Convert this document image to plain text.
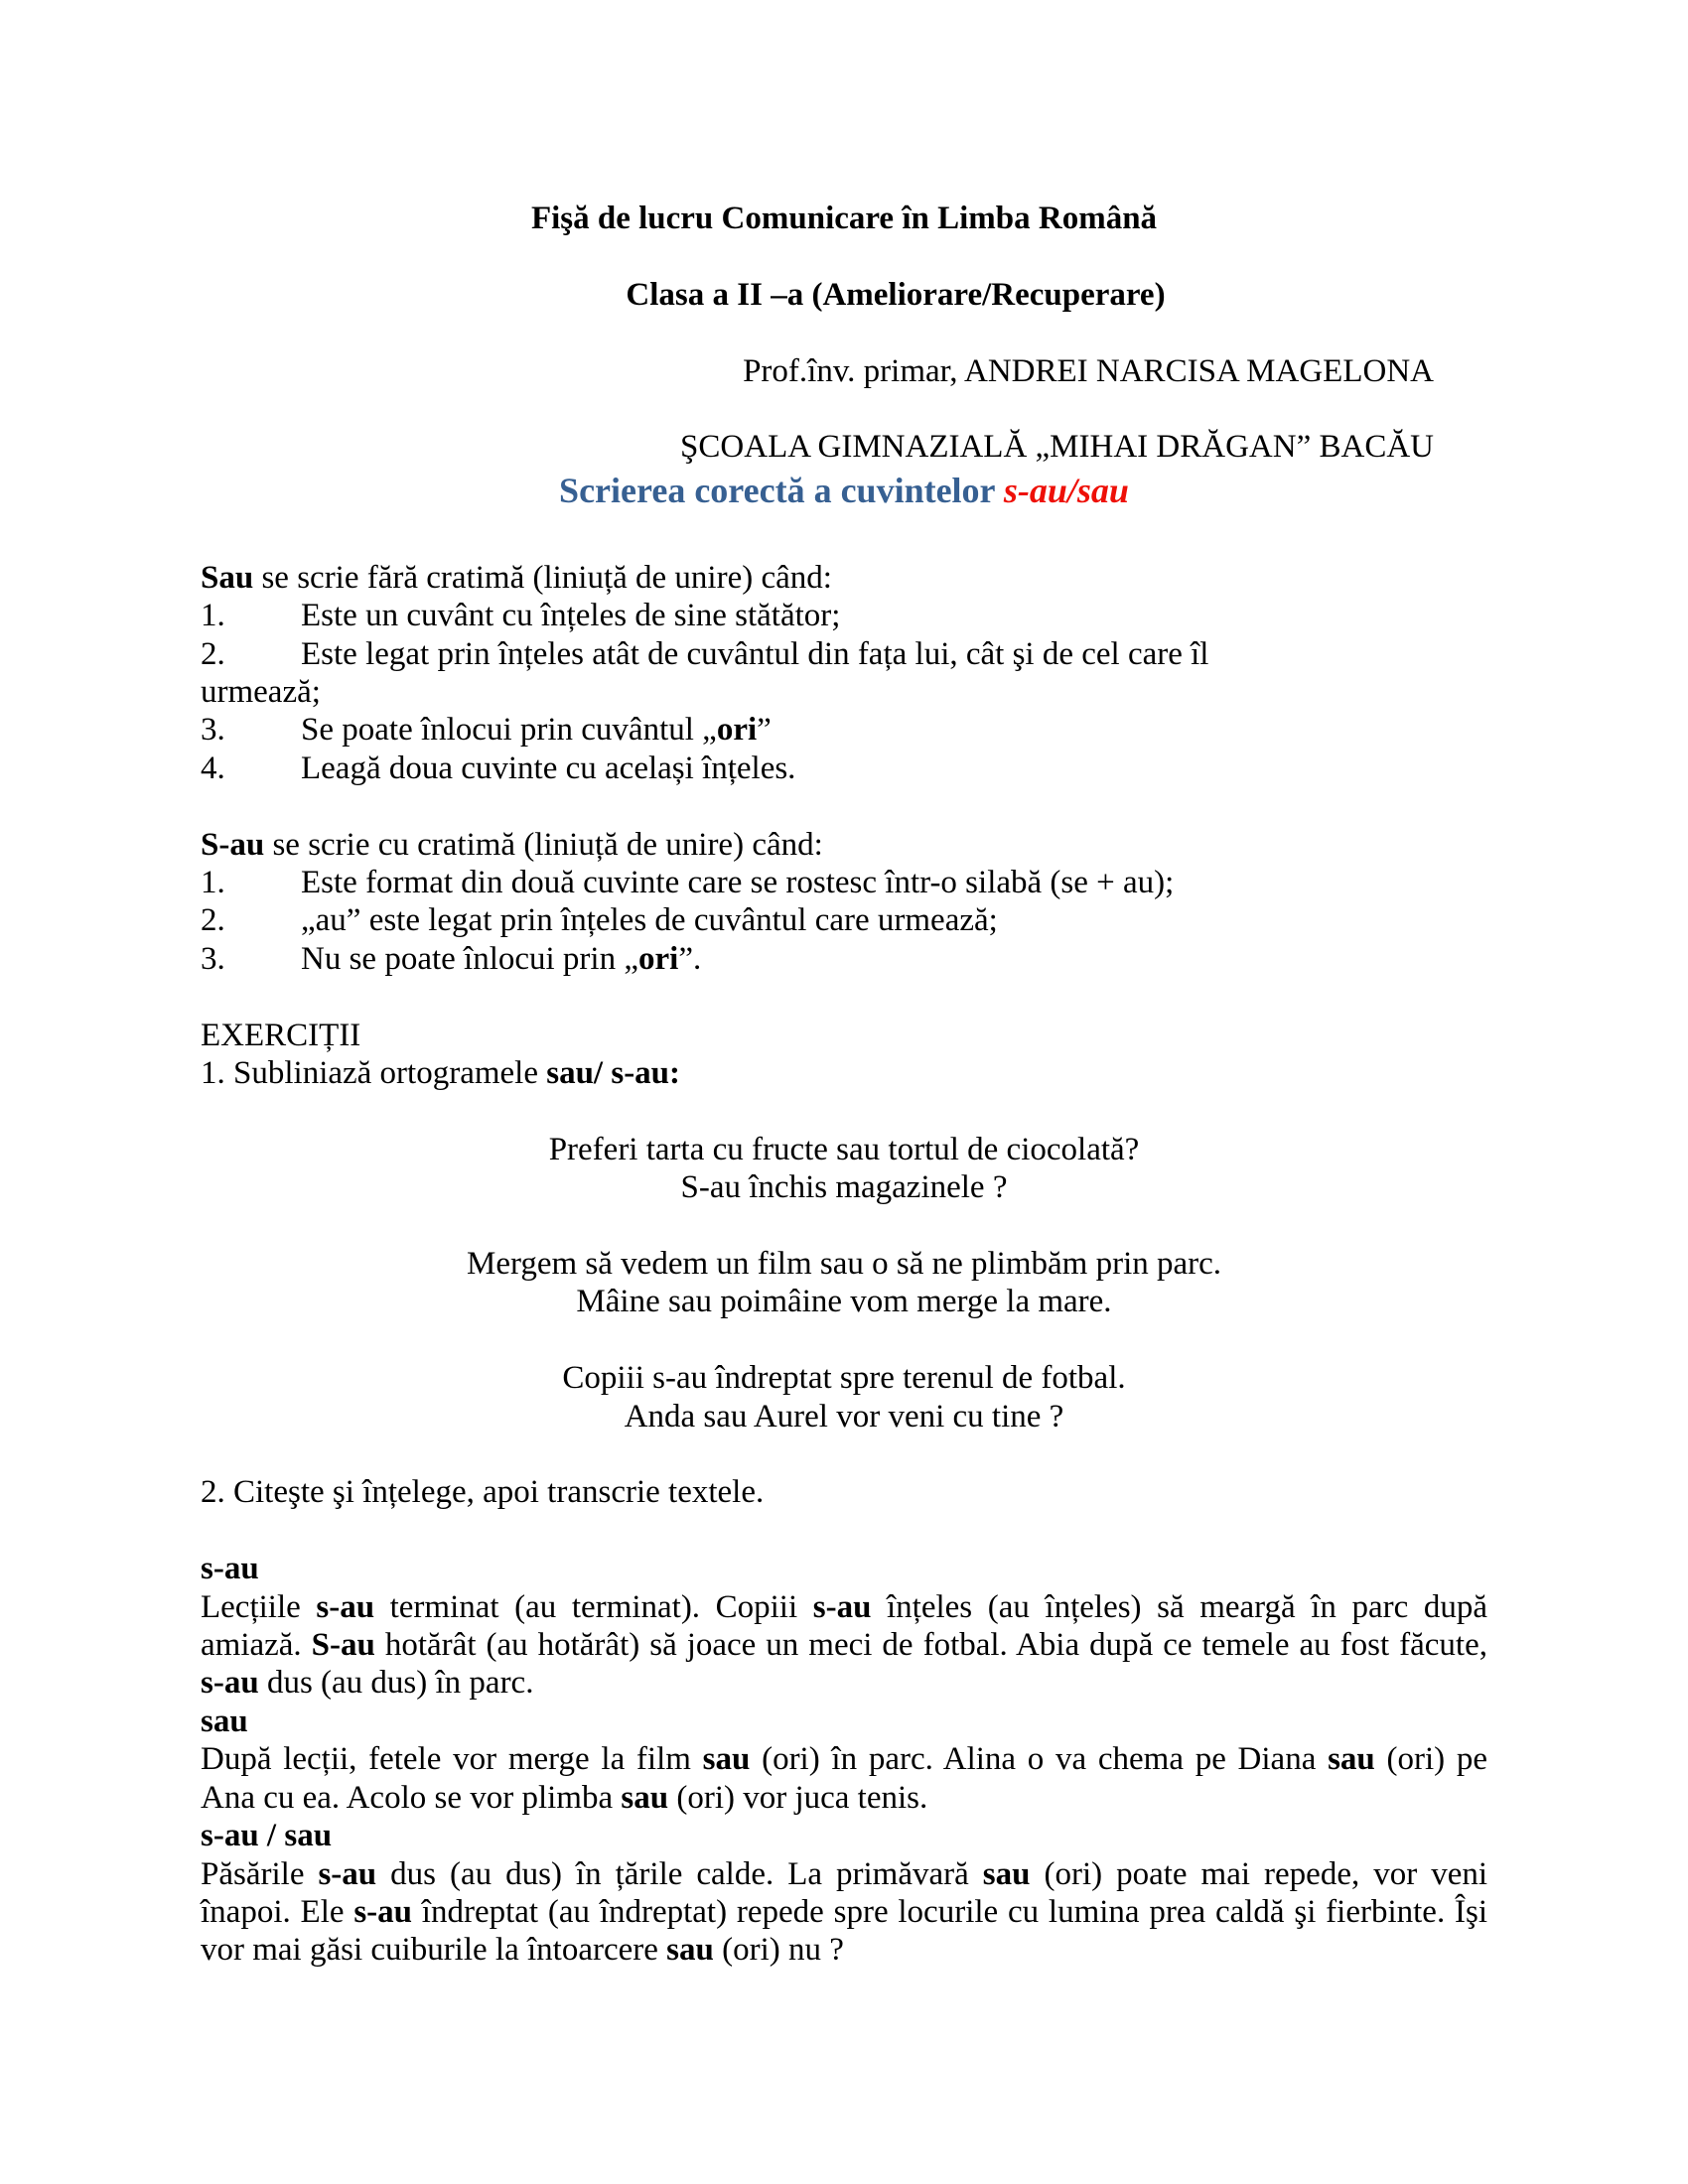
Fişă de lucru Comunicare în Limba Română
Clasa a II –a (Ameliorare/Recuperare)
Prof.înv. primar, ANDREI NARCISA MAGELONA
ŞCOALA GIMNAZIALĂ „MIHAI DRĂGAN” BACĂU
Scrierea corectă a cuvintelor s-au/sau
Sau se scrie fără cratimă (liniuță de unire) când:
1. Este un cuvânt cu înțeles de sine stătător;
2. Este legat prin înțeles atât de cuvântul din fața lui, cât şi de cel care îl
urmează;
3. Se poate înlocui prin cuvântul „ori”
4. Leagă doua cuvinte cu același înțeles.
S-au se scrie cu cratimă (liniuță de unire) când:
1. Este format din două cuvinte care se rostesc într-o silabă (se + au);
2. „au” este legat prin înțeles de cuvântul care urmează;
3. Nu se poate înlocui prin „ori”.
EXERCIȚII
1. Subliniază ortogramele sau/ s-au:
Preferi tarta cu fructe sau tortul de ciocolată?
S-au închis magazinele ?
Mergem să vedem un film sau o să ne plimbăm prin parc.
Mâine sau poimâine vom merge la mare.
Copiii s-au îndreptat spre terenul de fotbal.
Anda sau Aurel vor veni cu tine ?
2. Citeşte şi înțelege, apoi transcrie textele.
s-au
Lecțiile s-au terminat (au terminat). Copiii s-au înțeles (au înțeles) să meargă în parc după
amiază. S-au hotărât (au hotărât) să joace un meci de fotbal. Abia după ce temele au fost făcute,
s-au dus (au dus) în parc.
sau
După lecții, fetele vor merge la film sau (ori) în parc. Alina o va chema pe Diana sau (ori) pe
Ana cu ea. Acolo se vor plimba sau (ori) vor juca tenis.
s-au / sau
Păsările s-au dus (au dus) în țările calde. La primăvară sau (ori) poate mai repede, vor veni
înapoi. Ele s-au îndreptat (au îndreptat) repede spre locurile cu lumina prea caldă şi fierbinte. Îşi
vor mai găsi cuiburile la întoarcere sau (ori) nu ?
